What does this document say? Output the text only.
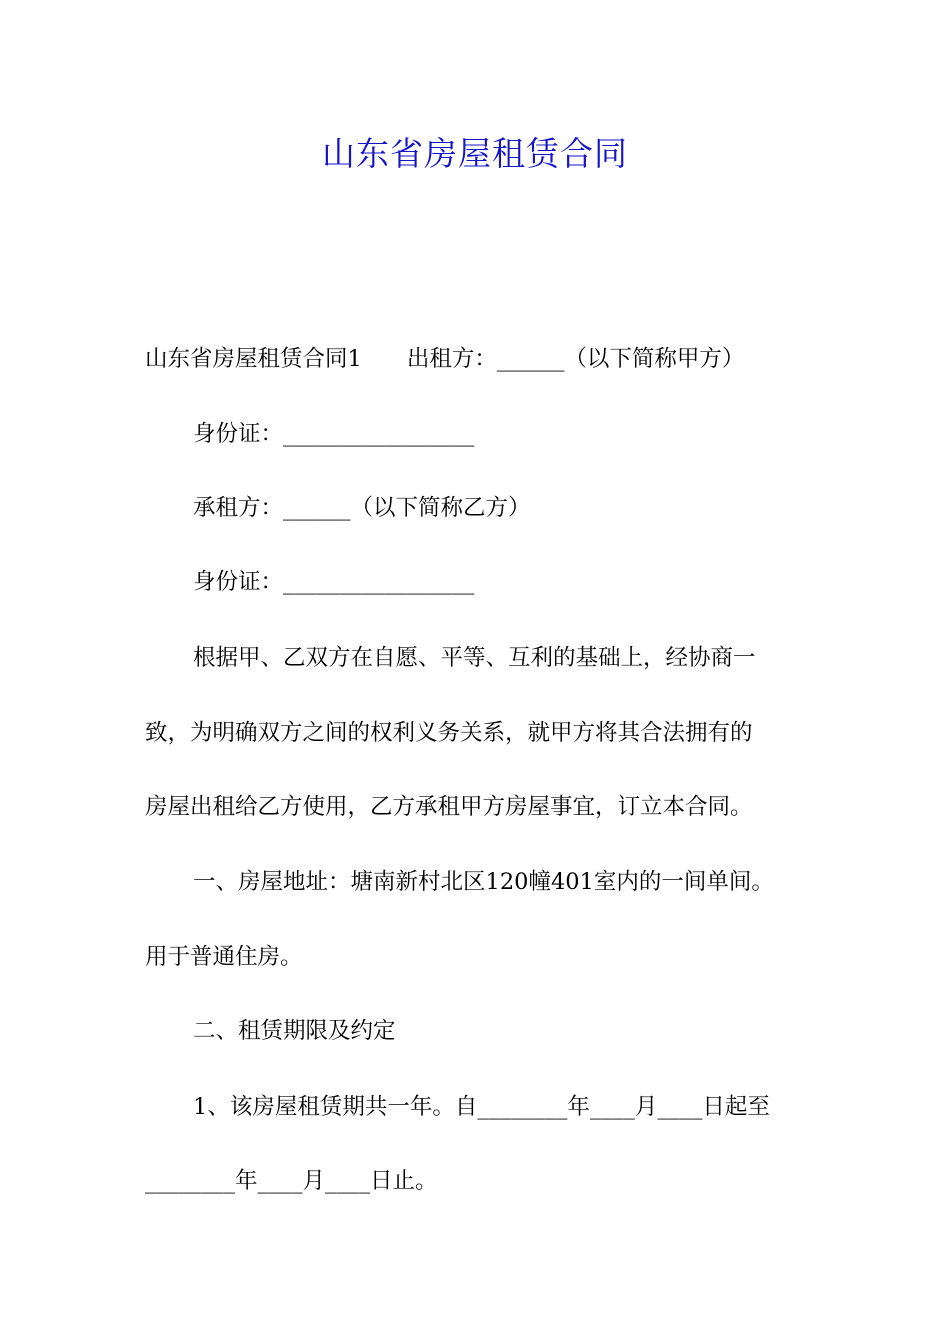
山东省房屋租赁合同
山东省房屋租赁合同1　　出租方：______（以下简称甲方）
身份证：_________________
承租方：______（以下简称乙方）
身份证：_________________
根据甲、乙双方在自愿、平等、互利的基础上，经协商一
致，为明确双方之间的权利义务关系，就甲方将其合法拥有的
房屋出租给乙方使用，乙方承租甲方房屋事宜，订立本合同。
一、房屋地址：塘南新村北区120幢401室内的一间单间。
用于普通住房。
二、租赁期限及约定
1、该房屋租赁期共一年。自________年____月____日起至
________年____月____日止。
